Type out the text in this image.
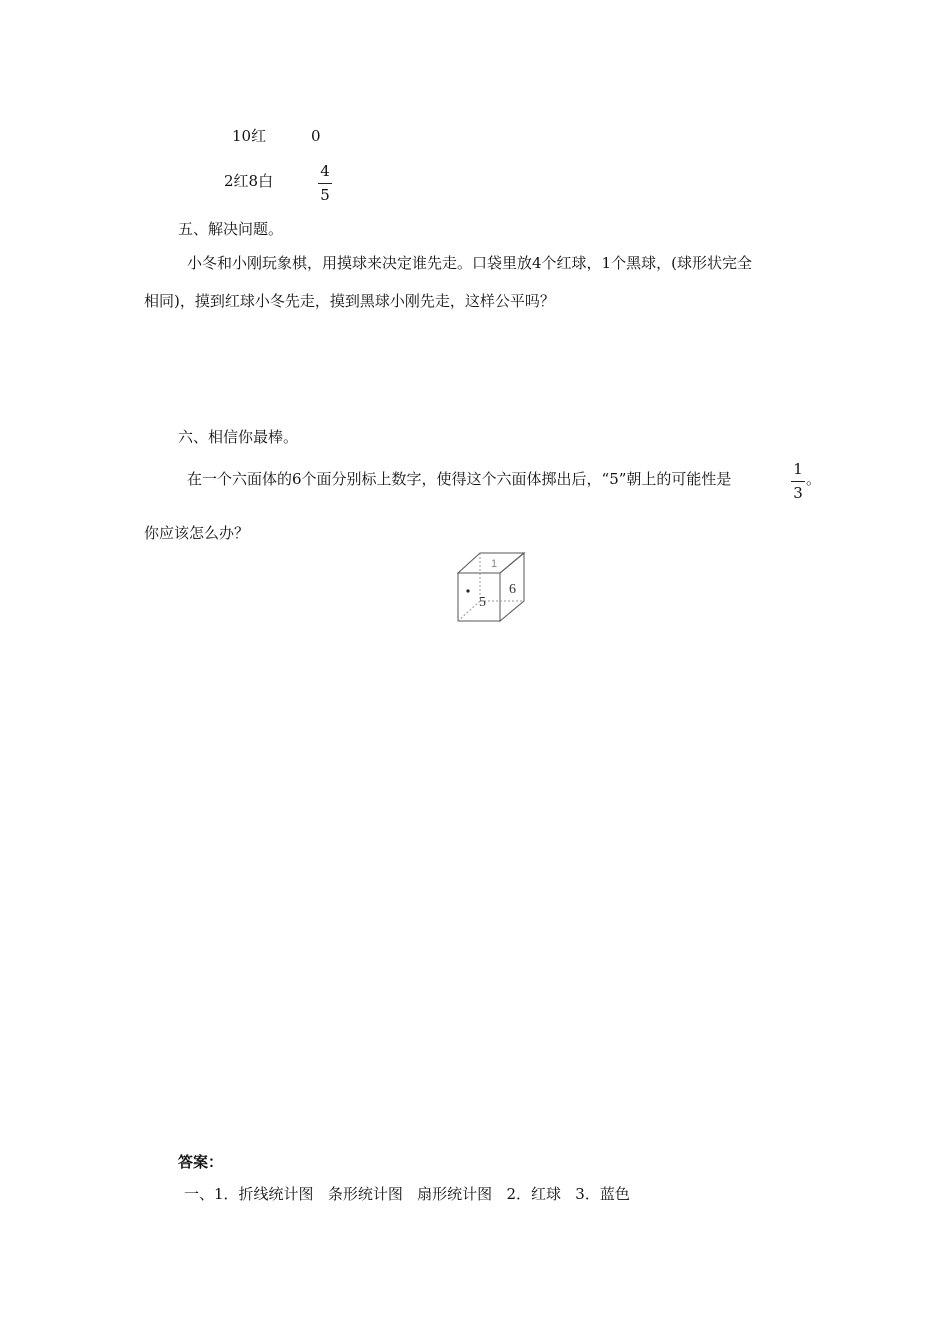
10红	0
2红8白
4
5
五、解决问题。
小冬和小刚玩象棋，用摸球来决定谁先走。口袋里放4个红球，1个黑球，(球形状完全
相同)，摸到红球小冬先走，摸到黑球小刚先走，这样公平吗？
六、相信你最棒。
在一个六面体的6个面分别标上数字，使得这个六面体掷出后，“5”朝上的可能性是
1
3
。
你应该怎么办？
1
5
6
答案：
一、1．折线统计图   条形统计图   扇形统计图   2．红球   3．蓝色
